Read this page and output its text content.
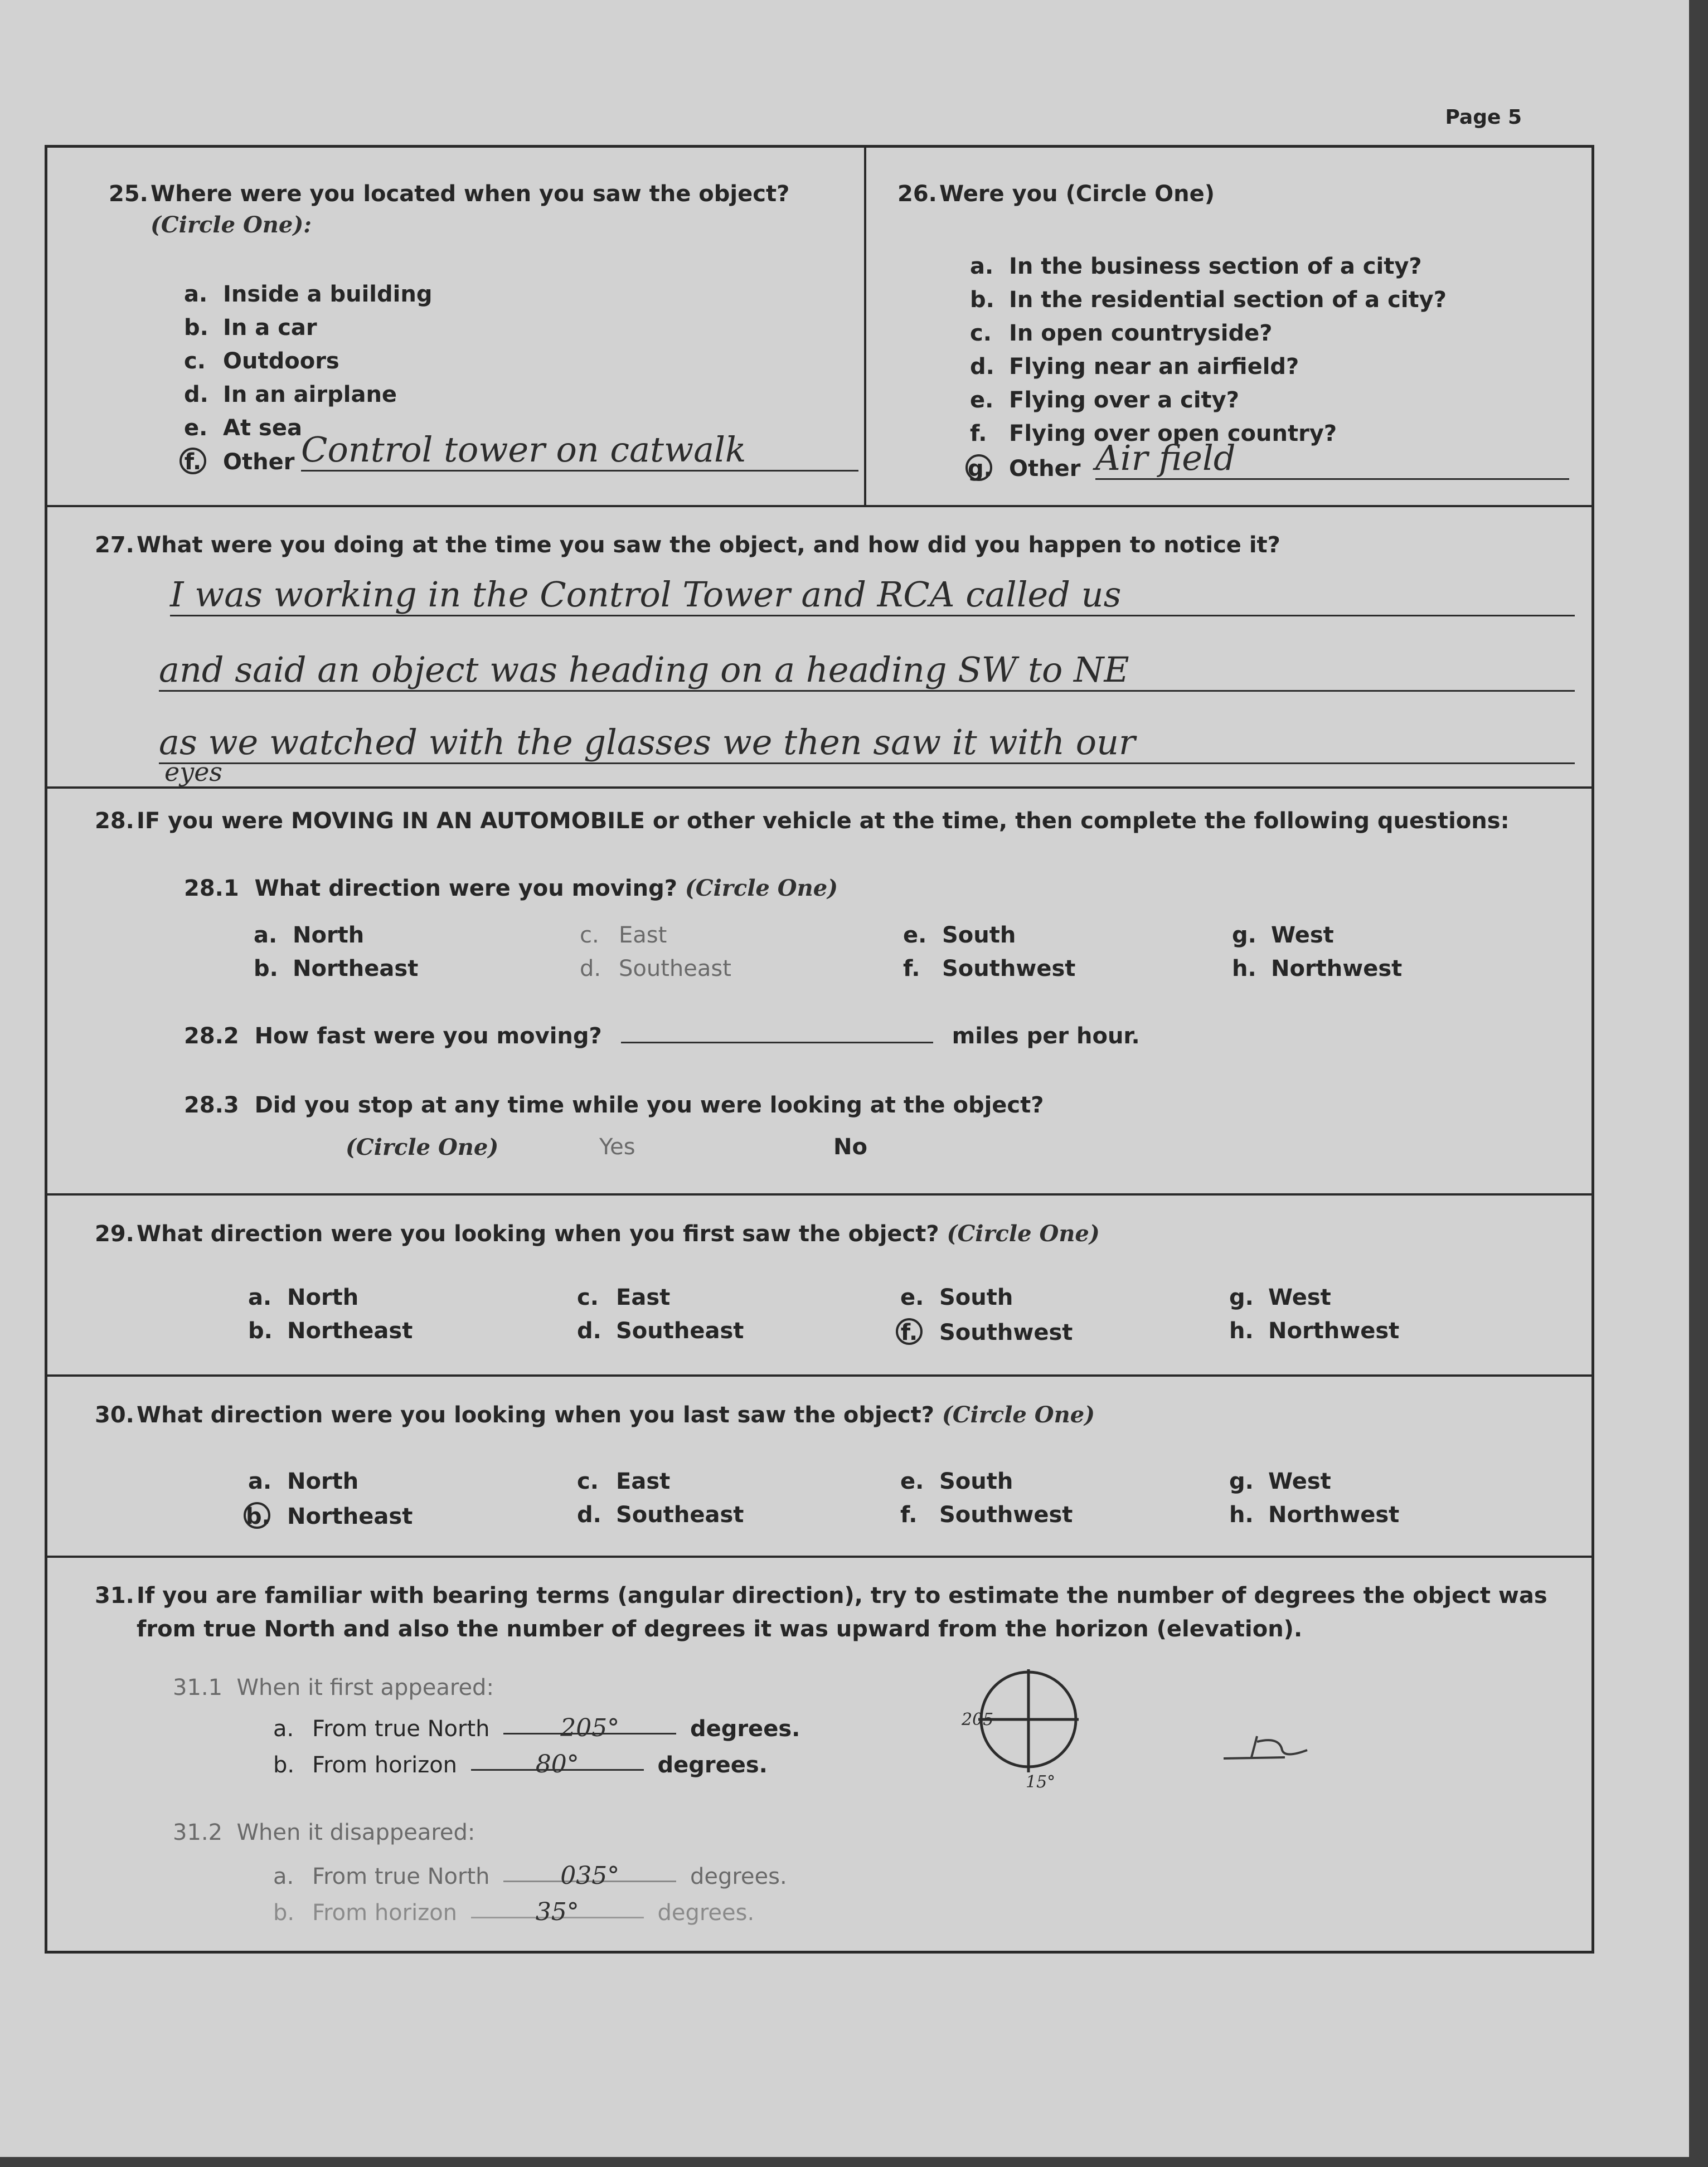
Page 5
25. Where were you located when you saw the object?
(Circle One):
a. Inside a building
b. In a car
c. Outdoors
d. In an airplane
e. At sea
f. Other Control tower on catwalk
26. Were you (Circle One)
a. In the business section of a city?
b. In the residential section of a city?
c. In open countryside?
d. Flying near an airfield?
e. Flying over a city?
f. Flying over open country?
g. Other Air field
27. What were you doing at the time you saw the object, and how did you happen to notice it?
I was working in the Control Tower and RCA called us
and said an object was heading on a heading SW to NE
as we watched with the glasses we then saw it with our
eyes
28. IF you were MOVING IN AN AUTOMOBILE or other vehicle at the time, then complete the following questions:
28.1 What direction were you moving? (Circle One)
a. North
b. Northeast
c. East
d. Southeast
e. South
f. Southwest
g. West
h. Northwest
28.2 How fast were you moving?	miles per hour.
28.3 Did you stop at any time while you were looking at the object?
(Circle One)	Yes	No
29. What direction were you looking when you first saw the object? (Circle One)
a. North
b. Northeast
c. East
d. Southeast
e. South
f. Southwest
g. West
h. Northwest
30. What direction were you looking when you last saw the object? (Circle One)
a. North
b. Northeast
c. East
d. Southeast
e. South
f. Southwest
g. West
h. Northwest
31. If you are familiar with bearing terms (angular direction), try to estimate the number of degrees the object was
from true North and also the number of degrees it was upward from the horizon (elevation).
31.1 When it first appeared:
a. From true North	205°	degrees.
b. From horizon	80°	degrees.
31.2 When it disappeared:
a. From true North	035°	degrees.
b. From horizon	35°	degrees.
205
15°
